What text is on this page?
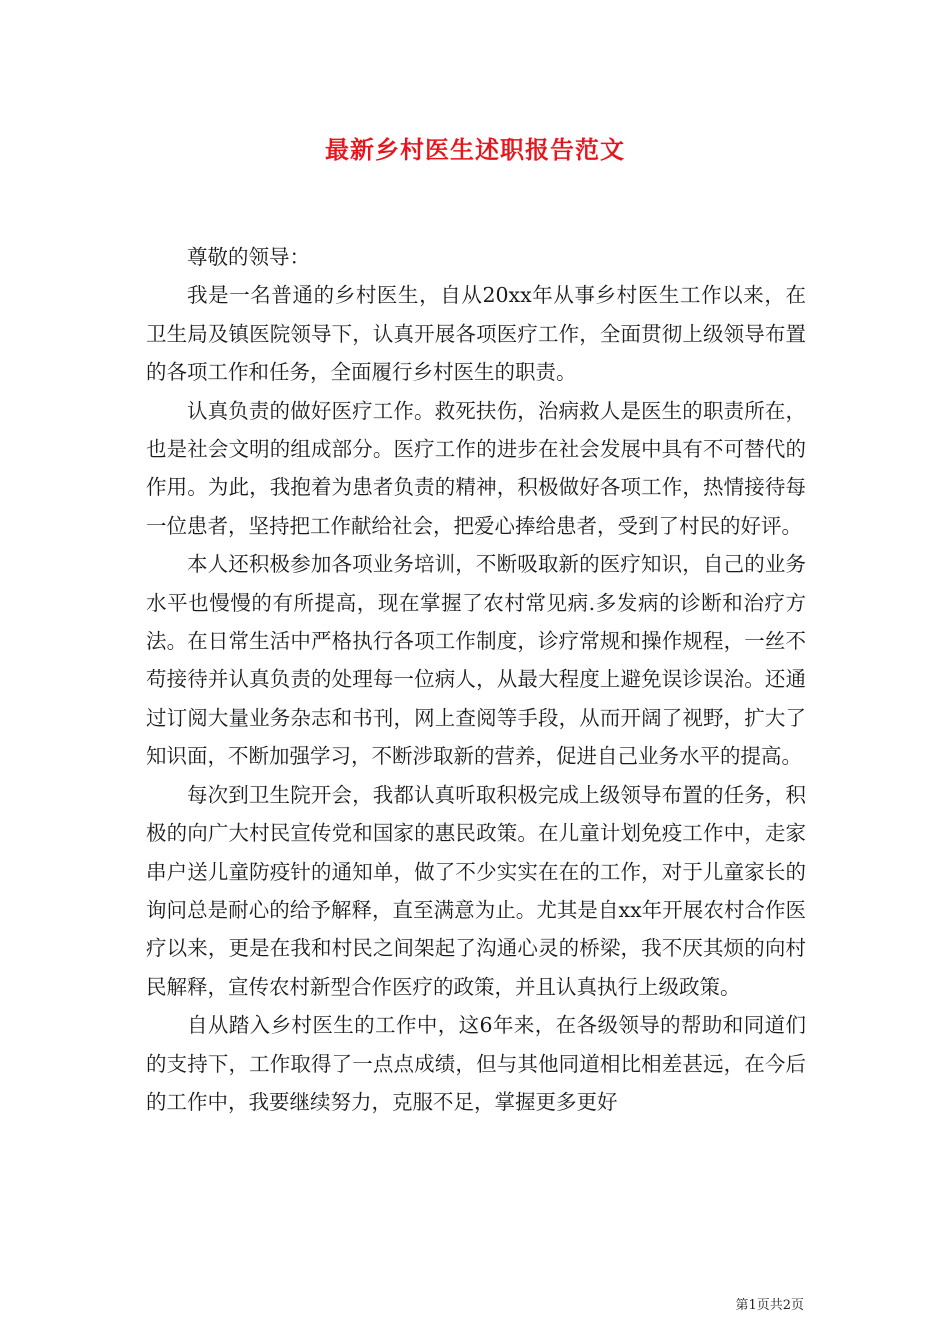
最新乡村医生述职报告范文

尊敬的领导：

我是一名普通的乡村医生，自从20xx年从事乡村医生工作以来，在卫生局及镇医院领导下，认真开展各项医疗工作，全面贯彻上级领导布置的各项工作和任务，全面履行乡村医生的职责。

认真负责的做好医疗工作。救死扶伤，治病救人是医生的职责所在，也是社会文明的组成部分。医疗工作的进步在社会发展中具有不可替代的作用。为此，我抱着为患者负责的精神，积极做好各项工作，热情接待每一位患者，坚持把工作献给社会，把爱心捧给患者，受到了村民的好评。

本人还积极参加各项业务培训，不断吸取新的医疗知识，自己的业务水平也慢慢的有所提高，现在掌握了农村常见病.多发病的诊断和治疗方法。在日常生活中严格执行各项工作制度，诊疗常规和操作规程，一丝不苟接待并认真负责的处理每一位病人，从最大程度上避免误诊误治。还通过订阅大量业务杂志和书刊，网上查阅等手段，从而开阔了视野，扩大了知识面，不断加强学习，不断涉取新的营养，促进自己业务水平的提高。

每次到卫生院开会，我都认真听取积极完成上级领导布置的任务，积极的向广大村民宣传党和国家的惠民政策。在儿童计划免疫工作中，走家串户送儿童防疫针的通知单，做了不少实实在在的工作，对于儿童家长的询问总是耐心的给予解释，直至满意为止。尤其是自xx年开展农村合作医疗以来，更是在我和村民之间架起了沟通心灵的桥梁，我不厌其烦的向村民解释，宣传农村新型合作医疗的政策，并且认真执行上级政策。

自从踏入乡村医生的工作中，这6年来，在各级领导的帮助和同道们的支持下，工作取得了一点点成绩，但与其他同道相比相差甚远，在今后的工作中，我要继续努力，克服不足，掌握更多更好

第1页共2页
